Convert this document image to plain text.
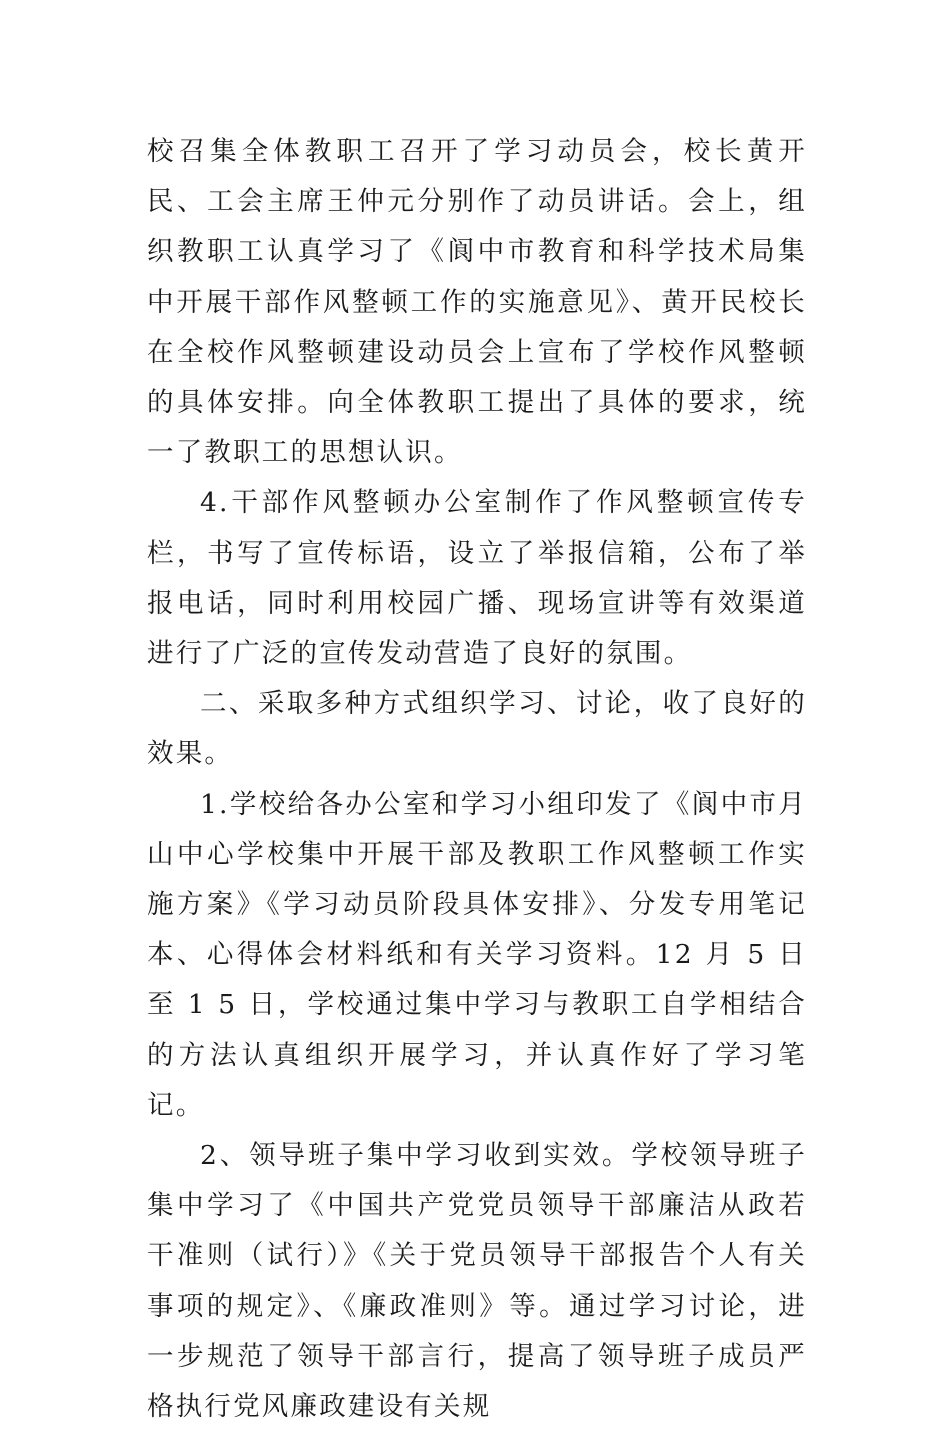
校召集全体教职工召开了学习动员会，校长黄开民、工会主席王仲元分别作了动员讲话。会上，组织教职工认真学习了《阆中市教育和科学技术局集中开展干部作风整顿工作的实施意见》、黄开民校长在全校作风整顿建设动员会上宣布了学校作风整顿的具体安排。向全体教职工提出了具体的要求，统一了教职工的思想认识。

4.干部作风整顿办公室制作了作风整顿宣传专栏，书写了宣传标语，设立了举报信箱，公布了举报电话，同时利用校园广播、现场宣讲等有效渠道进行了广泛的宣传发动营造了良好的氛围。

二、采取多种方式组织学习、讨论，收了良好的效果。

1.学校给各办公室和学习小组印发了《阆中市月山中心学校集中开展干部及教职工作风整顿工作实施方案》《学习动员阶段具体安排》、分发专用笔记本、心得体会材料纸和有关学习资料。12 月 5 日至 1 5 日，学校通过集中学习与教职工自学相结合的方法认真组织开展学习，并认真作好了学习笔记。

2、领导班子集中学习收到实效。学校领导班子集中学习了《中国共产党党员领导干部廉洁从政若干准则（试行）》《关于党员领导干部报告个人有关事项的规定》、《廉政准则》等。通过学习讨论，进一步规范了领导干部言行，提高了领导班子成员严格执行党风廉政建设有关规
